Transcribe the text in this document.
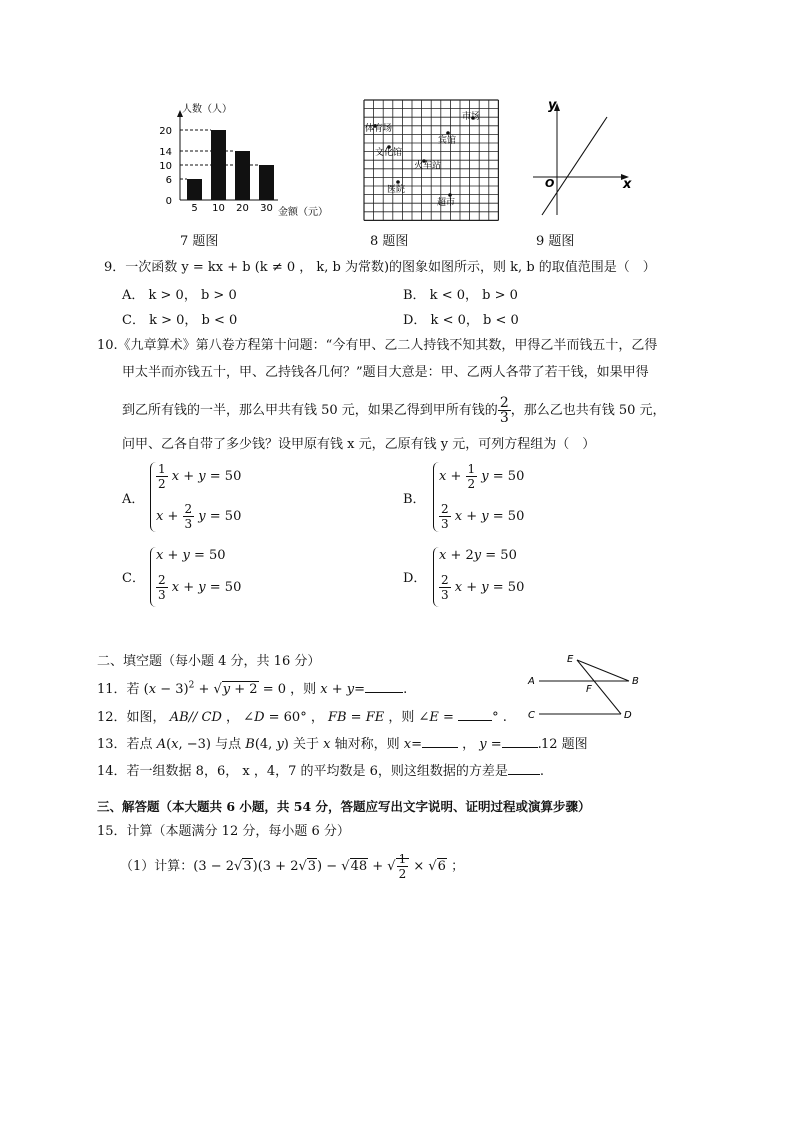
人数（人）
金额（元）
0
6
10
14
20
5 10 20 30
7 题图
体育场
市场
宾馆
文化馆
火车站
医院
超市
8 题图
y
x
O
9 题图
9．一次函数 y = kx + b (k ≠ 0 ， k, b 为常数)的图象如图所示，则 k, b 的取值范围是（　）
A． k > 0， b > 0	B． k < 0， b > 0
C． k > 0， b < 0	D． k < 0， b < 0
10.《九章算术》第八卷方程第十问题：“今有甲、乙二人持钱不知其数，甲得乙半而钱五十，乙得
甲太半而亦钱五十，甲、乙持钱各几何？”题目大意是：甲、乙两人各带了若干钱，如果甲得
到乙所有钱的一半，那么甲共有钱 50 元，如果乙得到甲所有钱的 $\frac{2}{3}$ ，那么乙也共有钱 50 元，
问甲、乙各自带了多少钱？设甲原有钱 x 元，乙原有钱 y 元，可列方程组为（　）
A．
$\frac{1}{2}$ x + y = 50
$x + \frac{2}{3}$ y = 50
B．
$x + \frac{1}{2}$ y = 50
$\frac{2}{3}$ x + y = 50
C．
x + y = 50
$\frac{2}{3}$ x + y = 50
D．
x + 2y = 50
$\frac{2}{3}$ x + y = 50
二、填空题（每小题 4 分，共 16 分）
11．若 $(x - 3)^2 + √y + 2 = 0$ ，则 x + y=	.
12．如图， AB// CD ， ∠D = 60° ， FB = FE ，则 ∠E =	° .
13．若点 A(x, −3) 与点 B(4, y) 关于 x 轴对称，则 x=	， y =	. 12 题图
14．若一组数据 8，6， x ，4，7 的平均数是 6，则这组数据的方差是 .
E
A
F
B
C	D
三、解答题（本大题共 6 小题，共 54 分，答题应写出文字说明、证明过程或演算步骤）
15．计算（本题满分 12 分，每小题 6 分）
（1）计算：(3 − 2√3)(3 + 2√3) − √48 + √ $\frac{1}{2} \times √6$ ；
